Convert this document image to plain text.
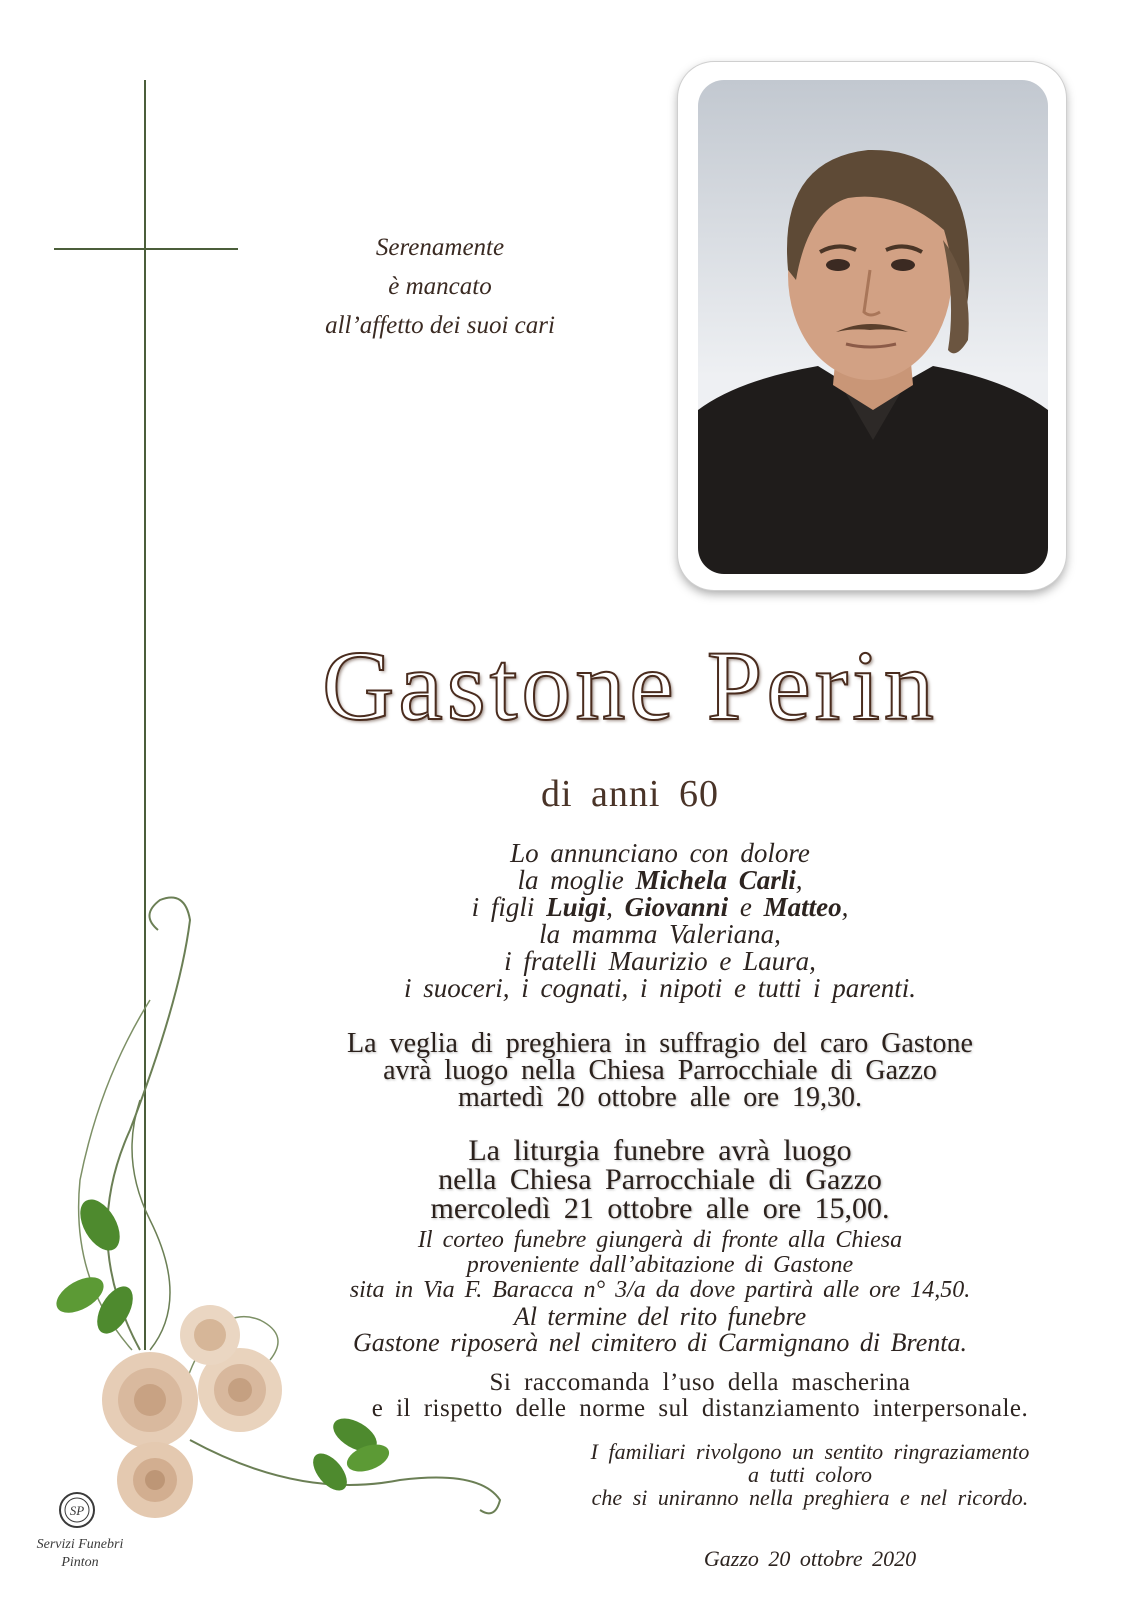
Serenamente
è mancato
all’affetto dei suoi cari
Gastone Perin
di anni 60
Lo annunciano con dolore
la moglie Michela Carli,
i figli Luigi, Giovanni e Matteo,
la mamma Valeriana,
i fratelli Maurizio e Laura,
i suoceri, i cognati, i nipoti e tutti i parenti.
La veglia di preghiera in suffragio del caro Gastone
avrà luogo nella Chiesa Parrocchiale di Gazzo
martedì 20 ottobre alle ore 19,30.
La liturgia funebre avrà luogo
nella Chiesa Parrocchiale di Gazzo
mercoledì 21 ottobre alle ore 15,00.
Il corteo funebre giungerà di fronte alla Chiesa
proveniente dall’abitazione di Gastone
sita in Via F. Baracca n° 3/a da dove partirà alle ore 14,50.
Al termine del rito funebre
Gastone riposerà nel cimitero di Carmignano di Brenta.
Si raccomanda l’uso della mascherina
e il rispetto delle norme sul distanziamento interpersonale.
I familiari rivolgono un sentito ringraziamento
a tutti coloro
che si uniranno nella preghiera e nel ricordo.
Gazzo 20 ottobre 2020
SP
Servizi Funebri
Pinton
